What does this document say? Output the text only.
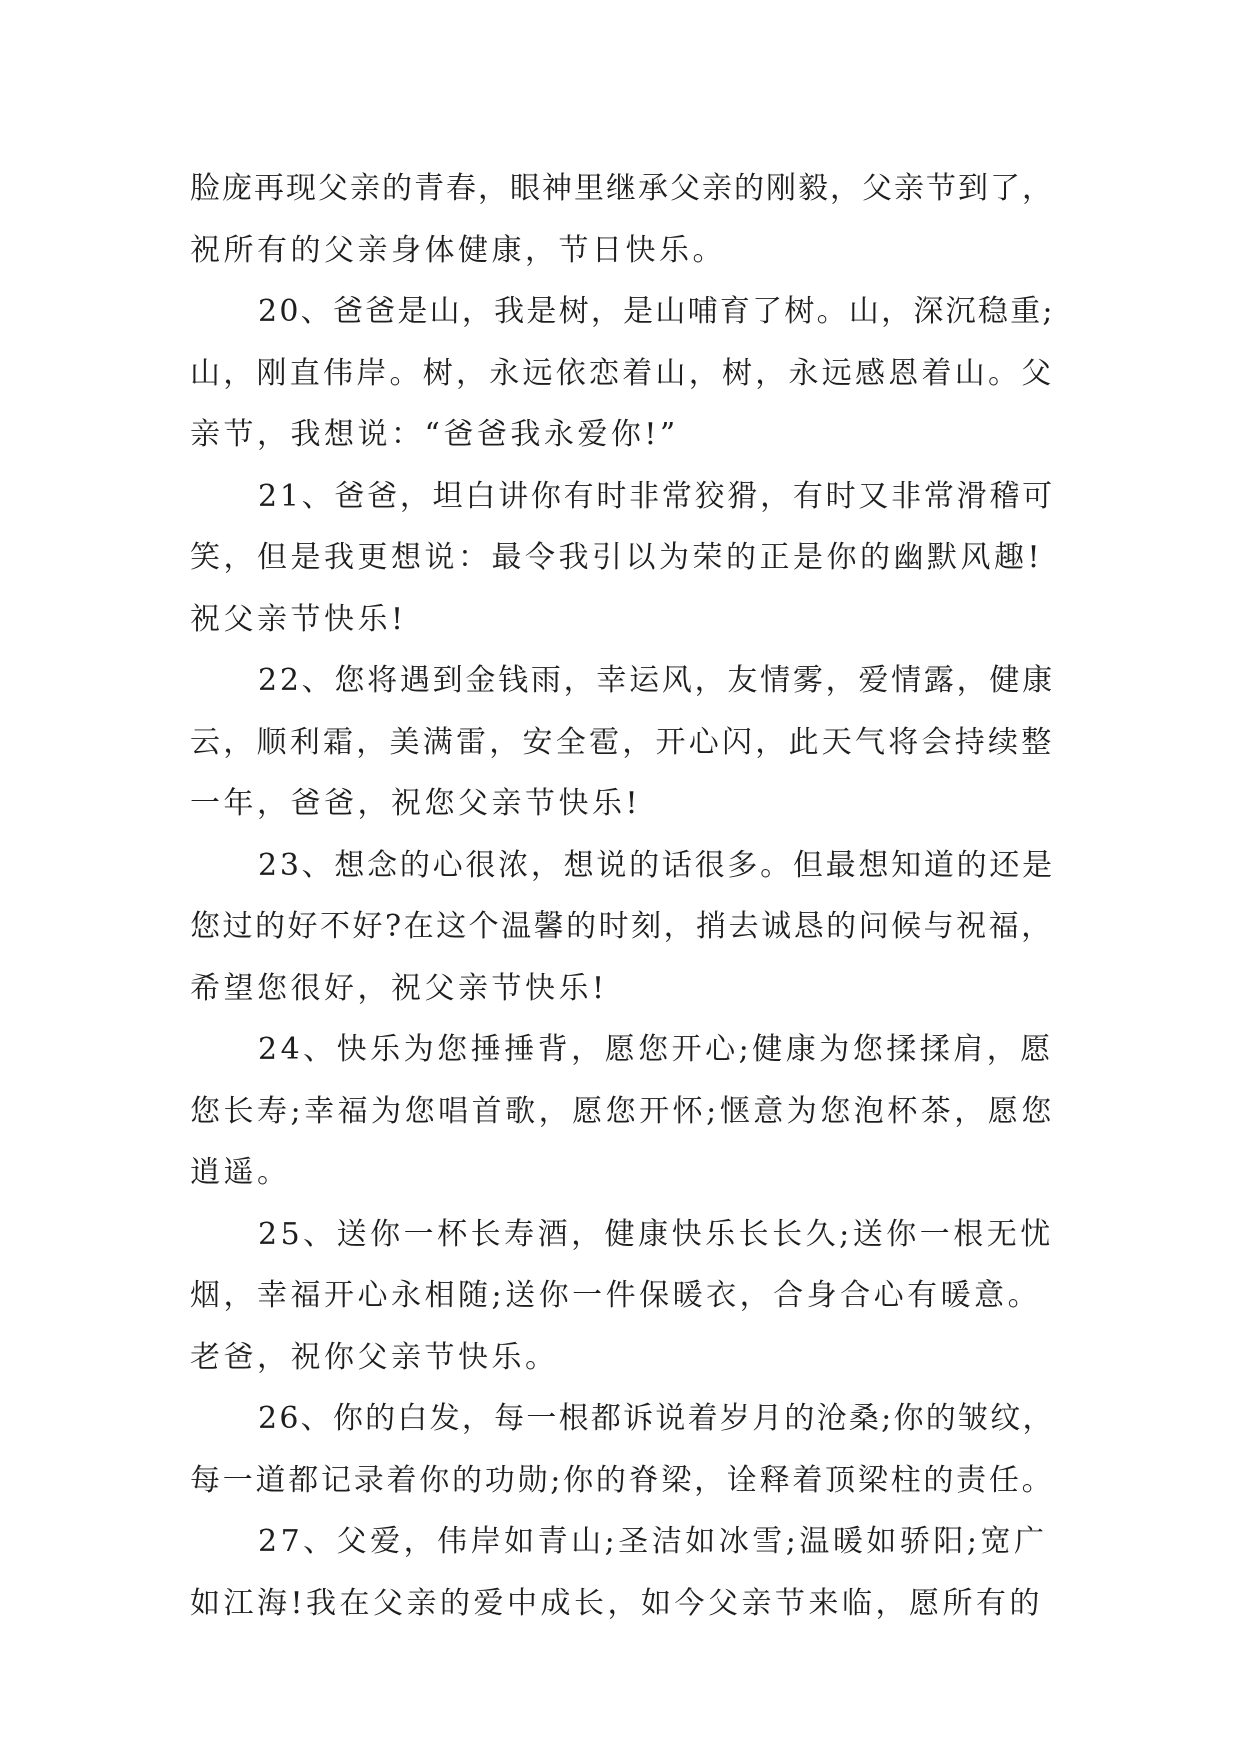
脸庞再现父亲的青春，眼神里继承父亲的刚毅，父亲节到了，
祝所有的父亲身体健康，节日快乐。
20、爸爸是山，我是树，是山哺育了树。山，深沉稳重;
山，刚直伟岸。树，永远依恋着山，树，永远感恩着山。父
亲节，我想说：“爸爸我永爱你!”
21、爸爸，坦白讲你有时非常狡猾，有时又非常滑稽可
笑，但是我更想说：最令我引以为荣的正是你的幽默风趣!
祝父亲节快乐!
22、您将遇到金钱雨，幸运风，友情雾，爱情露，健康
云，顺利霜，美满雷，安全雹，开心闪，此天气将会持续整
一年，爸爸，祝您父亲节快乐!
23、想念的心很浓，想说的话很多。但最想知道的还是
您过的好不好?在这个温馨的时刻，捎去诚恳的问候与祝福，
希望您很好，祝父亲节快乐!
24、快乐为您捶捶背，愿您开心;健康为您揉揉肩，愿
您长寿;幸福为您唱首歌，愿您开怀;惬意为您泡杯茶，愿您
逍遥。
25、送你一杯长寿酒，健康快乐长长久;送你一根无忧
烟，幸福开心永相随;送你一件保暖衣，合身合心有暖意。
老爸，祝你父亲节快乐。
26、你的白发，每一根都诉说着岁月的沧桑;你的皱纹，
每一道都记录着你的功勋;你的脊梁，诠释着顶梁柱的责任。
27、父爱，伟岸如青山;圣洁如冰雪;温暖如骄阳;宽广
如江海!我在父亲的爱中成长，如今父亲节来临，愿所有的
